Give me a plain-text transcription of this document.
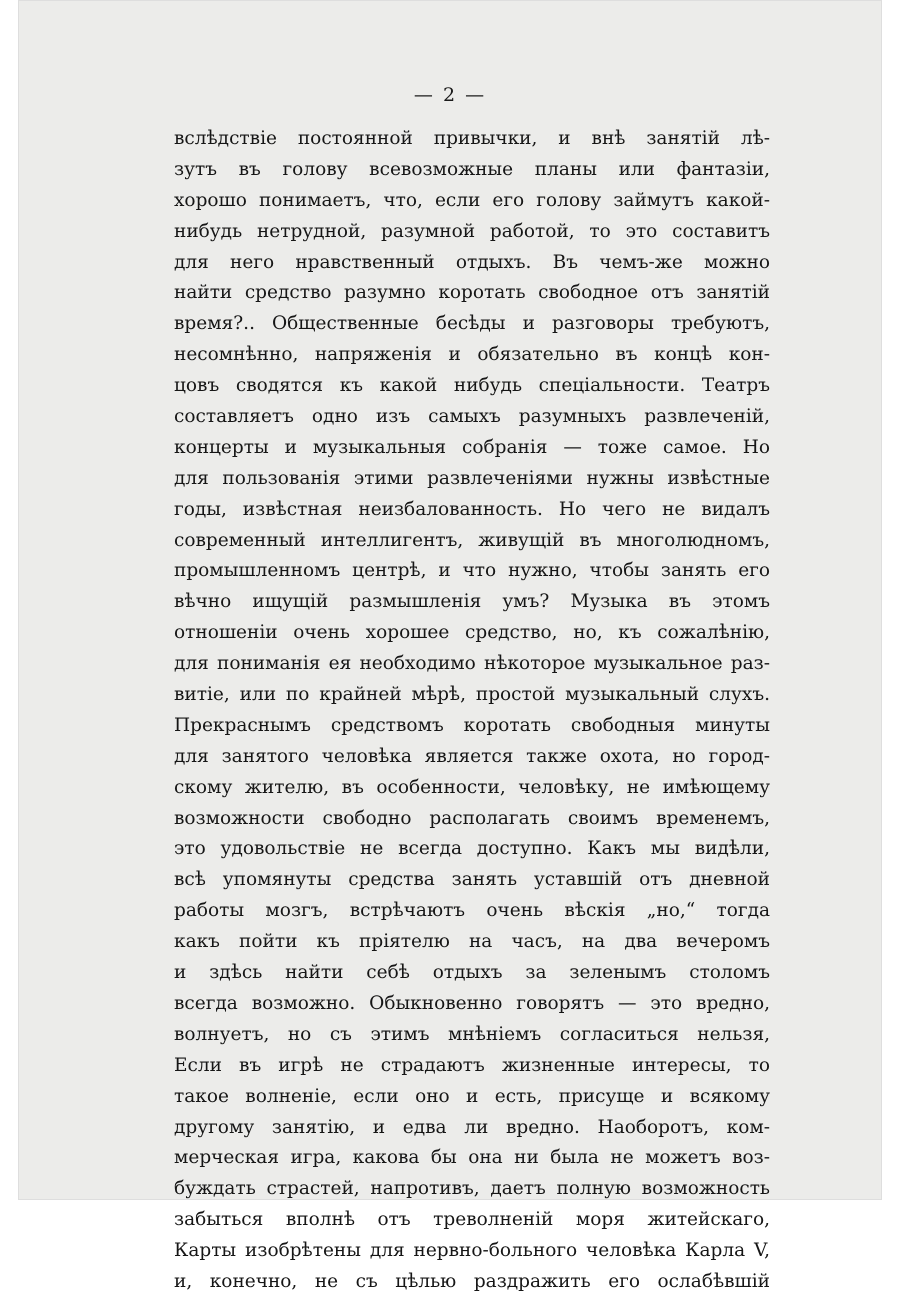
— 2 —
вслѣдствіе постоянной привычки, и внѣ занятій лѣ-
зутъ въ голову всевозможные планы или фантазіи,
хорошо понимаетъ, что, если его голову займутъ какой-
нибудь нетрудной, разумной работой, то это составитъ
для него нравственный отдыхъ. Въ чемъ-же можно
найти средство разумно коротать свободное отъ занятій
время?.. Общественные бесѣды и разговоры требуютъ,
несомнѣнно, напряженія и обязательно въ концѣ кон-
цовъ сводятся къ какой нибудь спеціальности. Театръ
составляетъ одно изъ самыхъ разумныхъ развлеченій,
концерты и музыкальныя собранія — тоже самое. Но
для пользованія этими развлеченіями нужны извѣстные
годы, извѣстная неизбалованность. Но чего не видалъ
современный интеллигентъ, живущій въ многолюдномъ,
промышленномъ центрѣ, и что нужно, чтобы занять его
вѣчно ищущій размышленія умъ? Музыка въ этомъ
отношеніи очень хорошее средство, но, къ сожалѣнію,
для пониманія ея необходимо нѣкоторое музыкальное раз-
витіе, или по крайней мѣрѣ, простой музыкальный слухъ.
Прекраснымъ средствомъ коротать свободныя минуты
для занятого человѣка является также охота, но город-
скому жителю, въ особенности, человѣку, не имѣющему
возможности свободно располагать своимъ временемъ,
это удовольствіе не всегда доступно. Какъ мы видѣли,
всѣ упомянуты средства занять уставшій отъ дневной
работы мозгъ, встрѣчаютъ очень вѣскія „но,“ тогда
какъ пойти къ пріятелю на часъ, на два вечеромъ
и здѣсь найти себѣ отдыхъ за зеленымъ столомъ
всегда возможно. Обыкновенно говорятъ — это вредно,
волнуетъ, но съ этимъ мнѣніемъ согласиться нельзя,
Если въ игрѣ не страдаютъ жизненные интересы, то
такое волненіе, если оно и есть, присуще и всякому
другому занятію, и едва ли вредно. Наоборотъ, ком-
мерческая игра, какова бы она ни была не можетъ воз-
буждать страстей, напротивъ, даетъ полную возможность
забыться вполнѣ отъ треволненій моря житейскаго,
Карты изобрѣтены для нервно-больного человѣка Карла V,
и, конечно, не съ цѣлью раздражить его ослабѣвшій
